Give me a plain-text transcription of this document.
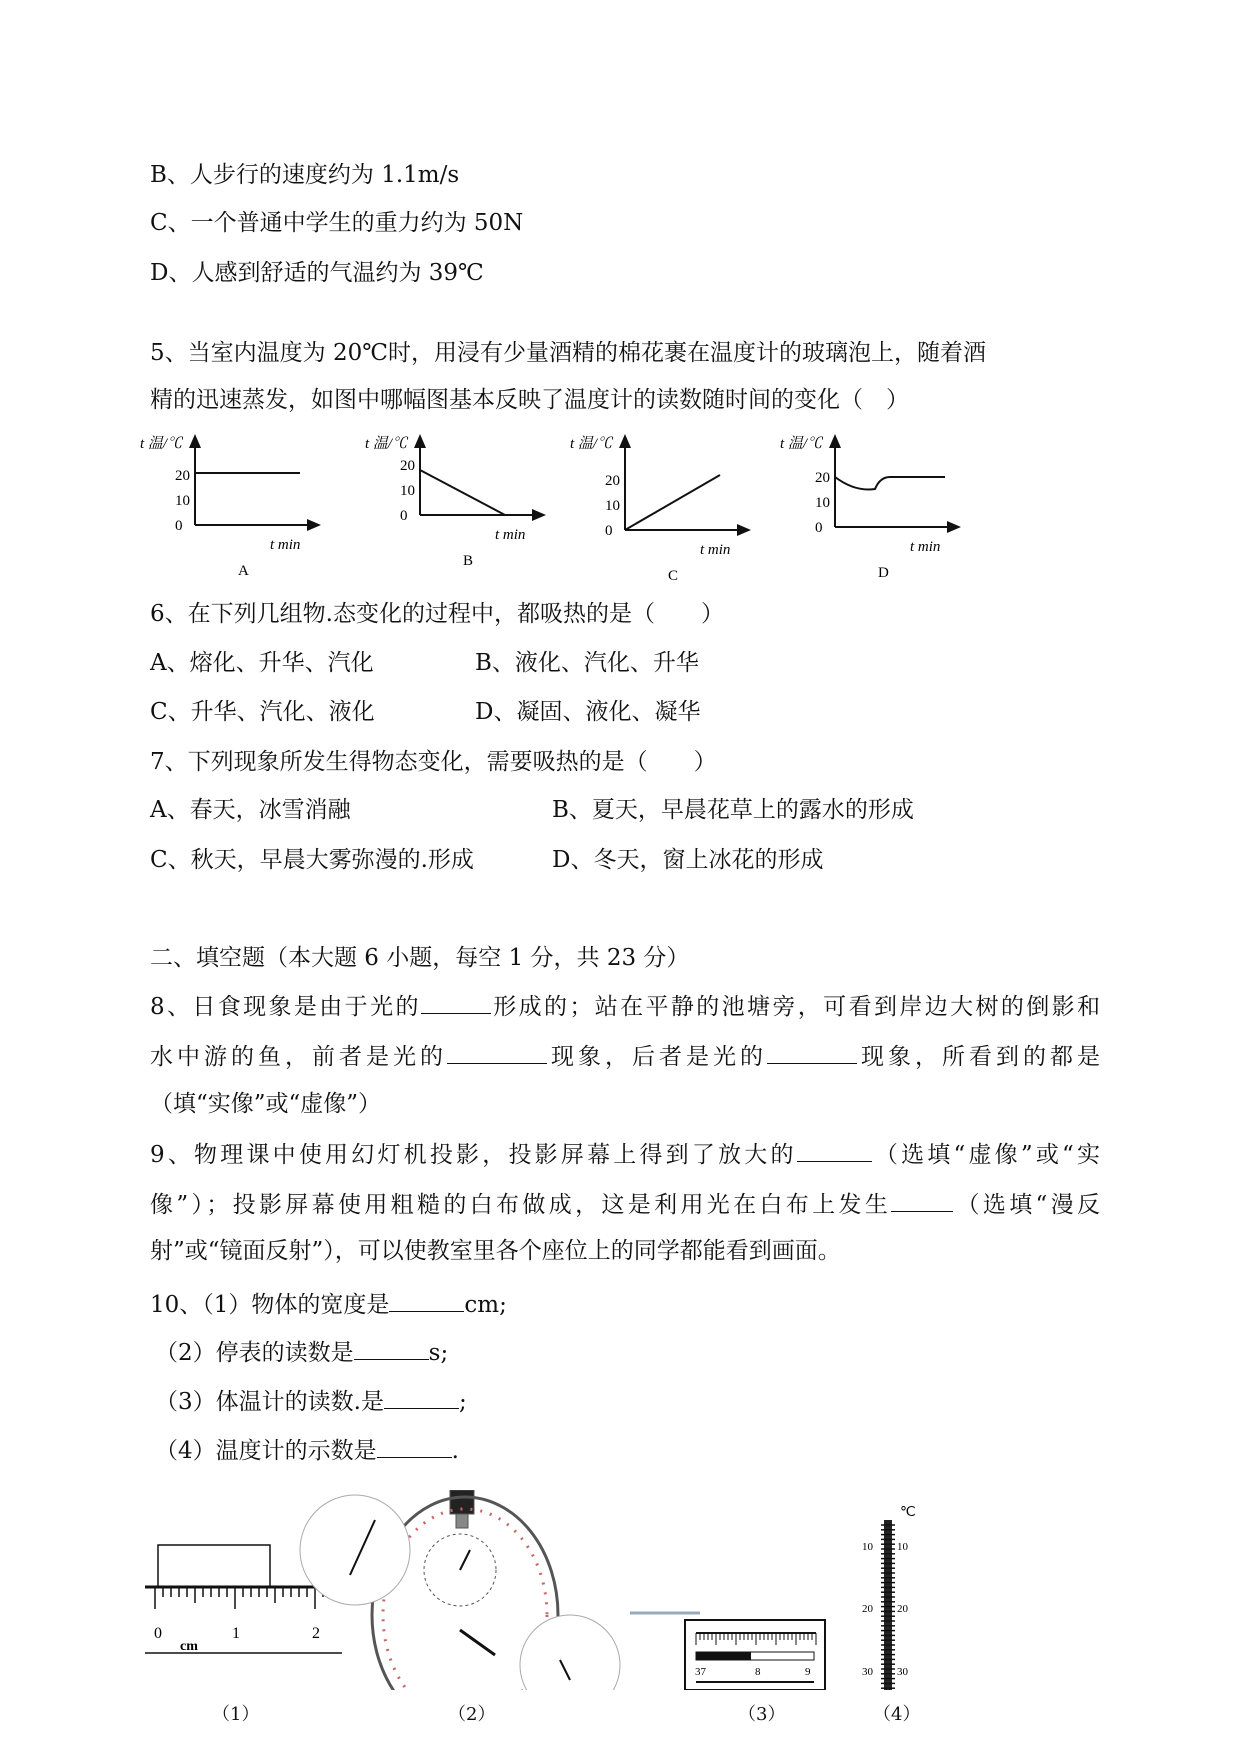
B、人步行的速度约为 1.1m/s
C、一个普通中学生的重力约为 50N
D、人感到舒适的气温约为 39℃
5、当室内温度为 20℃时，用浸有少量酒精的棉花裹在温度计的玻璃泡上，随着酒
精的迅速蒸发，如图中哪幅图基本反映了温度计的读数随时间的变化（　）
t 温/℃
t min
20
10
0
A
t 温/℃
t min
20
10
0
B
t 温/℃
t min
20
10
0
C
t 温/℃
t min
20
10
0
D
6、在下列几组物.态变化的过程中，都吸热的是（　　）
A、熔化、升华、汽化	B、液化、汽化、升华
C、升华、汽化、液化	D、凝固、液化、凝华
7、下列现象所发生得物态变化，需要吸热的是（　　）
A、春天，冰雪消融	B、夏天，早晨花草上的露水的形成
C、秋天，早晨大雾弥漫的.形成	D、冬天，窗上冰花的形成
二、填空题（本大题 6 小题，每空 1 分，共 23 分）
8、日食现象是由于光的	形成的；站在平静的池塘旁，可看到岸边大树的倒影和
水中游的鱼，前者是光的	现象，后者是光的	现象，所看到的都是
（填“实像”或“虚像”）
9、物理课中使用幻灯机投影，投影屏幕上得到了放大的	（选填“虚像”或“实
像”）；投影屏幕使用粗糙的白布做成，这是利用光在白布上发生	（选填“漫反
射”或“镜面反射”），可以使教室里各个座位上的同学都能看到画面。
10、（1）物体的宽度是	cm;
（2）停表的读数是	s;
（3）体温计的读数.是	;
（4）温度计的示数是	.
0	1	2
cm
37	8	9
℃
10 10
20 20
30 30
（1）	（2）	（3）	（4）
